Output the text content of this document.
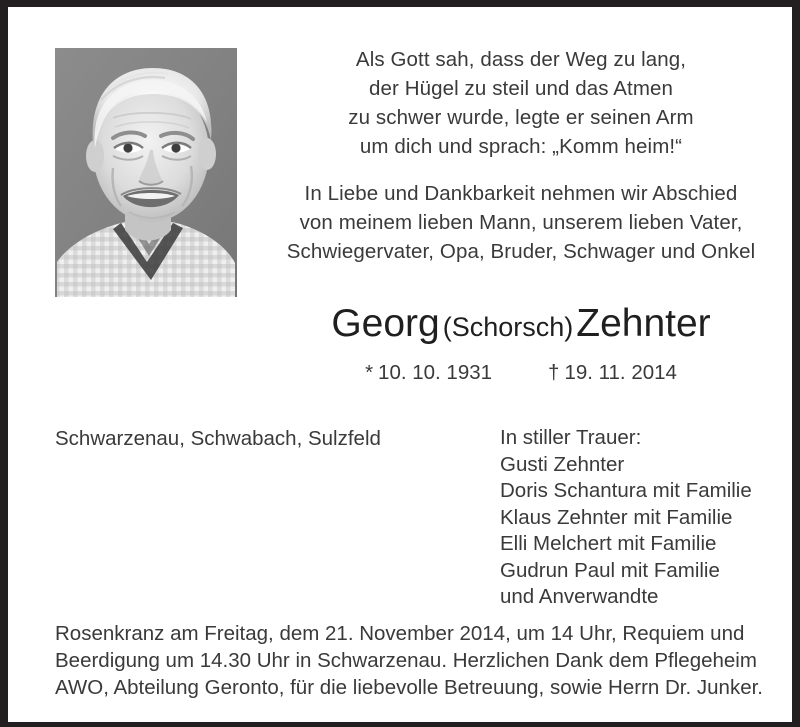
Als Gott sah, dass der Weg zu lang,
der Hügel zu steil und das Atmen
zu schwer wurde, legte er seinen Arm
um dich und sprach: „Komm heim!“
In Liebe und Dankbarkeit nehmen wir Abschied
von meinem lieben Mann, unserem lieben Vater,
Schwiegervater, Opa, Bruder, Schwager und Onkel
Georg (Schorsch)Zehnter
* 10. 10. 1931	† 19. 11. 2014
Schwarzenau, Schwabach, Sulzfeld	In stiller Trauer:
Gusti Zehnter
Doris Schantura mit Familie
Klaus Zehnter mit Familie
Elli Melchert mit Familie
Gudrun Paul mit Familie
und Anverwandte
Rosenkranz am Freitag, dem 21. November 2014, um 14 Uhr, Requiem und
Beerdigung um 14.30 Uhr in Schwarzenau. Herzlichen Dank dem Pflegeheim
AWO, Abteilung Geronto, für die liebevolle Betreuung, sowie Herrn Dr. Junker.
